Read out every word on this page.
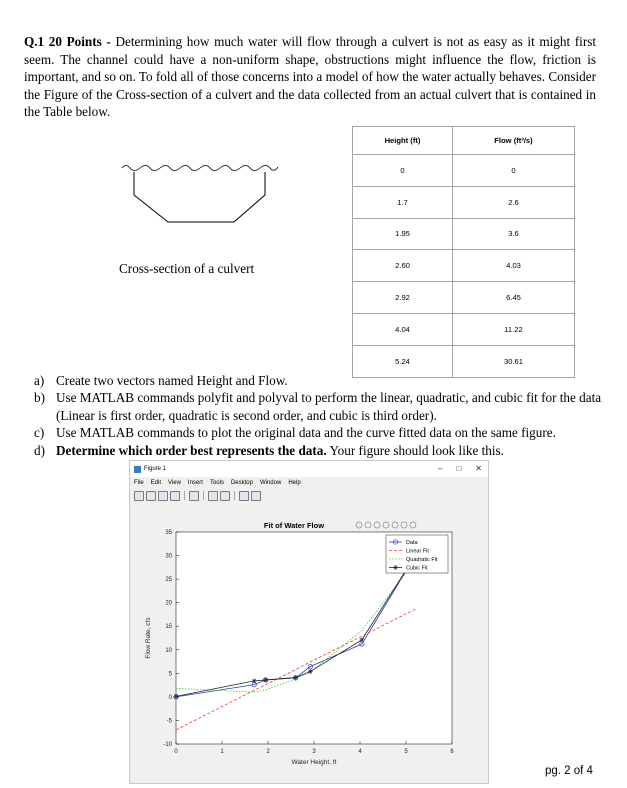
Q.1 20 Points - Determining how much water will flow through a culvert is not as easy as it might first seem. The channel could have a non-uniform shape, obstructions might influence the flow, friction is important, and so on. To fold all of those concerns into a model of how the water actually behaves. Consider the Figure of the Cross-section of a culvert and the data collected from an actual culvert that is contained in the Table below.

Cross-section of a culvert
Height (ft)	Flow (ft³/s)
0	0
1.7	2.6
1.95	3.6
2.60	4.03
2.92	6.45
4.04	11.22
5.24	30.61
a) Create two vectors named Height and Flow.
b) Use MATLAB commands polyfit and polyval to perform the linear, quadratic, and cubic fit for the data (Linear is first order, quadratic is second order, and cubic is third order).
c) Use MATLAB commands to plot the original data and the curve fitted data on the same figure.
d) Determine which order best represents the data. Your figure should look like this.
Figure 1	– □ ✕
File Edit View Insert Tools Desktop Window Help
0	1	2	3	4	5	6
-10
-5
0
5
10
15
20
25
30
35
Fit of Water Flow
Water Height, ft
Flow Rate, cfs
Data
Linear Fit
Quadratic Fit
Cubic Fit
pg. 2 of 4
